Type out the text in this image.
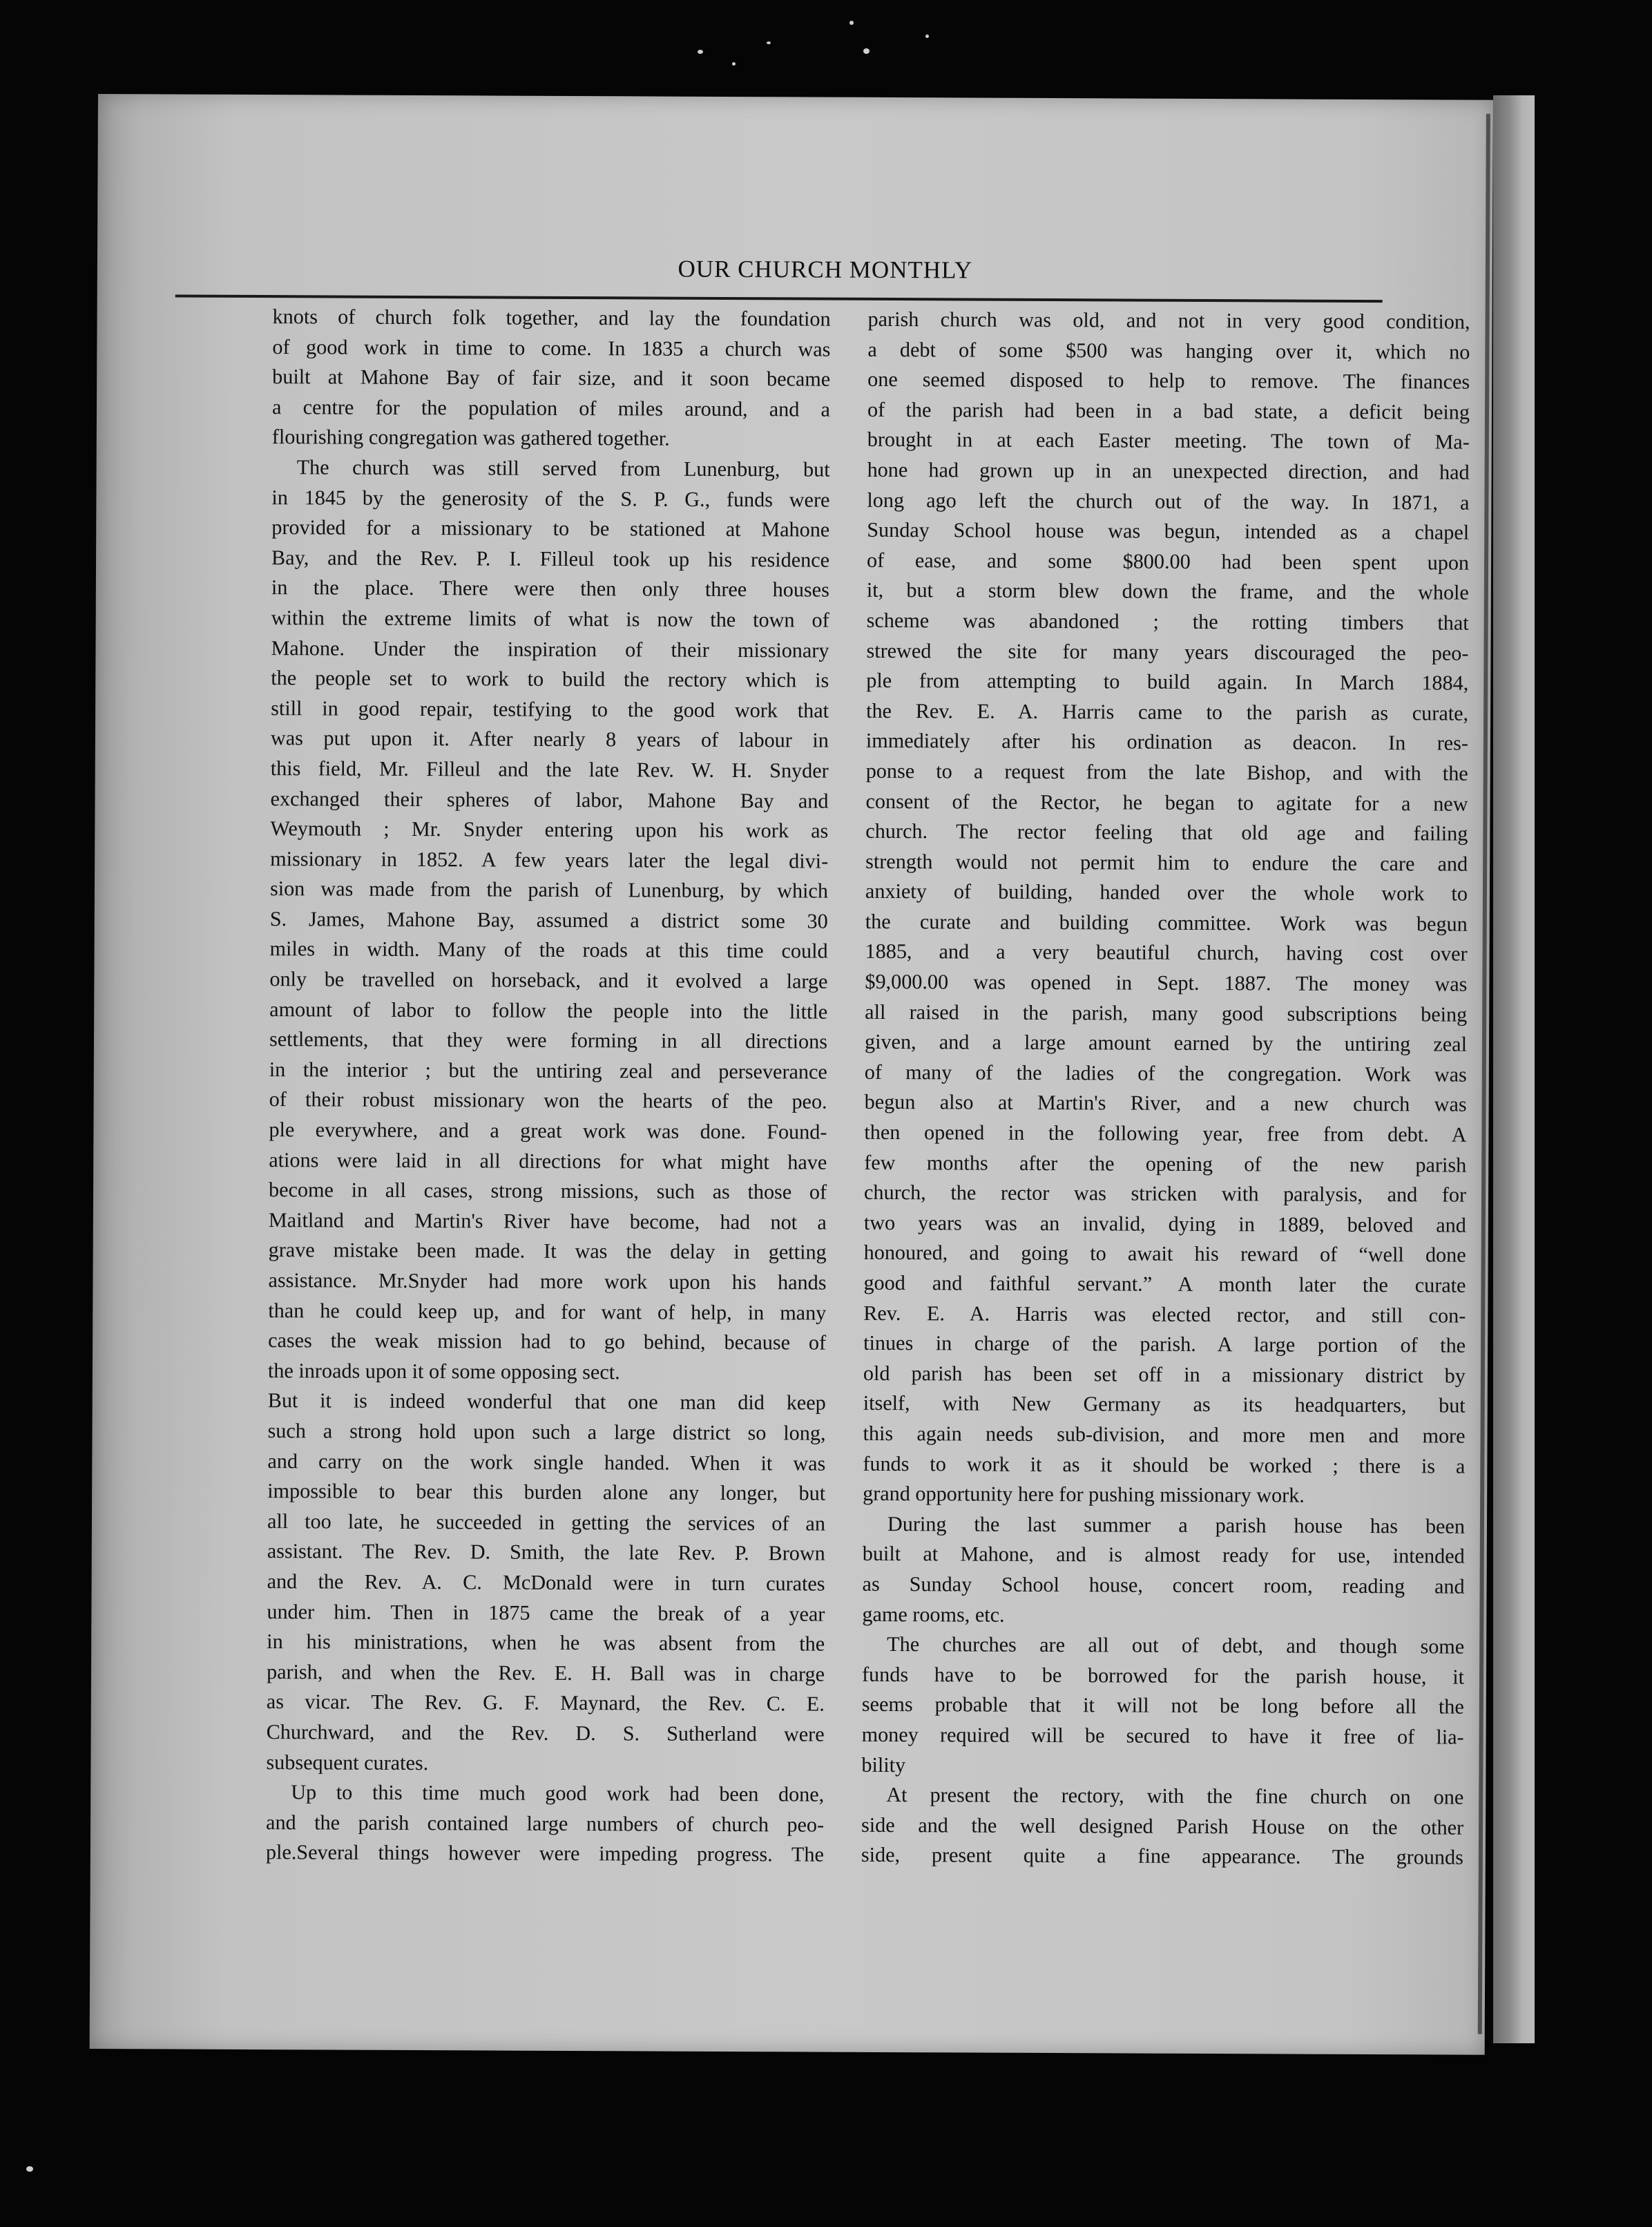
OUR CHURCH MONTHLY
knots of church folk together, and lay the foundation
of good work in time to come. In 1835 a church was
built at Mahone Bay of fair size, and it soon became
a centre for the population of miles around, and a
flourishing congregation was gathered together.
The church was still served from Lunenburg, but
in 1845 by the generosity of the S. P. G., funds were
provided for a missionary to be stationed at Mahone
Bay, and the Rev. P. I. Filleul took up his residence
in the place. There were then only three houses
within the extreme limits of what is now the town of
Mahone. Under the inspiration of their missionary
the people set to work to build the rectory which is
still in good repair, testifying to the good work that
was put upon it. After nearly 8 years of labour in
this field, Mr. Filleul and the late Rev. W. H. Snyder
exchanged their spheres of labor, Mahone Bay and
Weymouth ; Mr. Snyder entering upon his work as
missionary in 1852. A few years later the legal divi-
sion was made from the parish of Lunenburg, by which
S. James, Mahone Bay, assumed a district some 30
miles in width. Many of the roads at this time could
only be travelled on horseback, and it evolved a large
amount of labor to follow the people into the little
settlements, that they were forming in all directions
in the interior ; but the untiring zeal and perseverance
of their robust missionary won the hearts of the peo.
ple everywhere, and a great work was done. Found-
ations were laid in all directions for what might have
become in all cases, strong missions, such as those of
Maitland and Martin's River have become, had not a
grave mistake been made. It was the delay in getting
assistance. Mr.Snyder had more work upon his hands
than he could keep up, and for want of help, in many
cases the weak mission had to go behind, because of
the inroads upon it of some opposing sect.
But it is indeed wonderful that one man did keep
such a strong hold upon such a large district so long,
and carry on the work single handed. When it was
impossible to bear this burden alone any longer, but
all too late, he succeeded in getting the services of an
assistant. The Rev. D. Smith, the late Rev. P. Brown
and the Rev. A. C. McDonald were in turn curates
under him. Then in 1875 came the break of a year
in his ministrations, when he was absent from the
parish, and when the Rev. E. H. Ball was in charge
as vicar. The Rev. G. F. Maynard, the Rev. C. E.
Churchward, and the Rev. D. S. Sutherland were
subsequent curates.
Up to this time much good work had been done,
and the parish contained large numbers of church peo-
ple.Several things however were impeding progress. The
parish church was old, and not in very good condition,
a debt of some $500 was hanging over it, which no
one seemed disposed to help to remove. The finances
of the parish had been in a bad state, a deficit being
brought in at each Easter meeting. The town of Ma-
hone had grown up in an unexpected direction, and had
long ago left the church out of the way. In 1871, a
Sunday School house was begun, intended as a chapel
of ease, and some $800.00 had been spent upon
it, but a storm blew down the frame, and the whole
scheme was abandoned ; the rotting timbers that
strewed the site for many years discouraged the peo-
ple from attempting to build again. In March 1884,
the Rev. E. A. Harris came to the parish as curate,
immediately after his ordination as deacon. In res-
ponse to a request from the late Bishop, and with the
consent of the Rector, he began to agitate for a new
church. The rector feeling that old age and failing
strength would not permit him to endure the care and
anxiety of building, handed over the whole work to
the curate and building committee. Work was begun
1885, and a very beautiful church, having cost over
$9,000.00 was opened in Sept. 1887. The money was
all raised in the parish, many good subscriptions being
given, and a large amount earned by the untiring zeal
of many of the ladies of the congregation. Work was
begun also at Martin's River, and a new church was
then opened in the following year, free from debt. A
few months after the opening of the new parish
church, the rector was stricken with paralysis, and for
two years was an invalid, dying in 1889, beloved and
honoured, and going to await his reward of “well done
good and faithful servant.” A month later the curate
Rev. E. A. Harris was elected rector, and still con-
tinues in charge of the parish. A large portion of the
old parish has been set off in a missionary district by
itself, with New Germany as its headquarters, but
this again needs sub-division, and more men and more
funds to work it as it should be worked ; there is a
grand opportunity here for pushing missionary work.
During the last summer a parish house has been
built at Mahone, and is almost ready for use, intended
as Sunday School house, concert room, reading and
game rooms, etc.
The churches are all out of debt, and though some
funds have to be borrowed for the parish house, it
seems probable that it will not be long before all the
money required will be secured to have it free of lia-
bility
At present the rectory, with the fine church on one
side and the well designed Parish House on the other
side, present quite a fine appearance. The grounds
